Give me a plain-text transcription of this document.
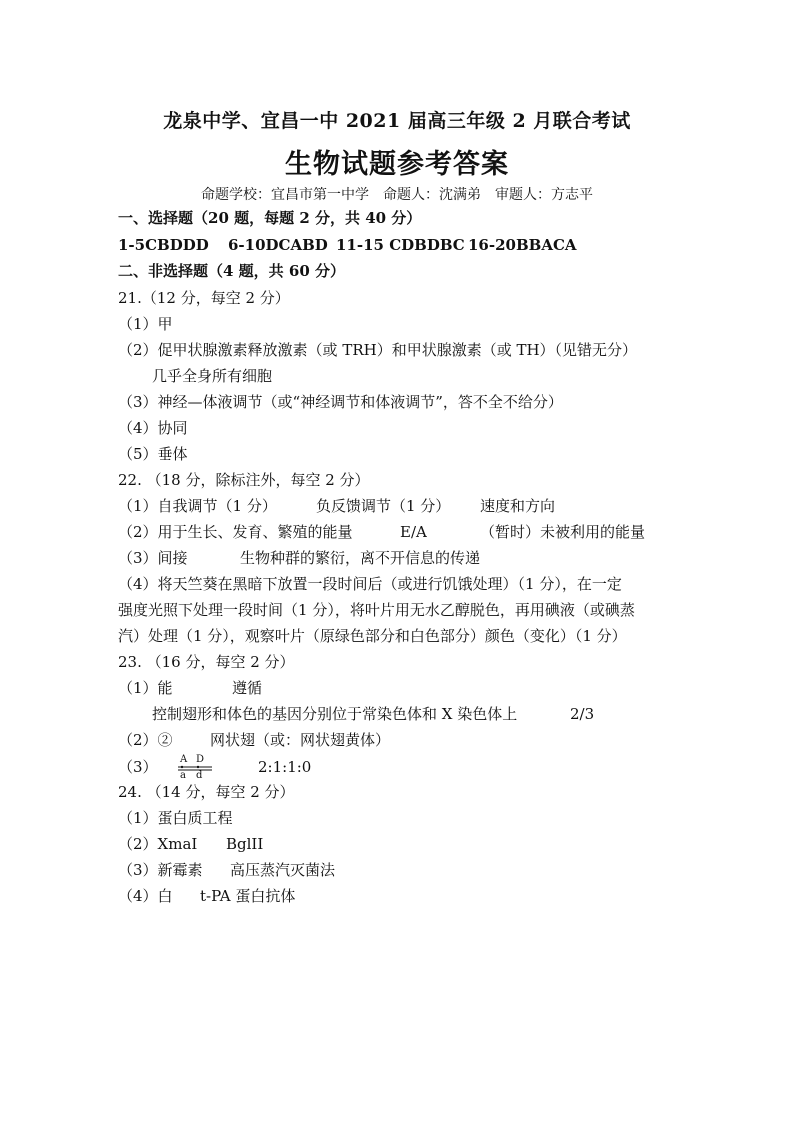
龙泉中学、宜昌一中 2021 届高三年级 2 月联合考试
生物试题参考答案
命题学校：宜昌市第一中学　命题人：沈满弟　审题人：方志平
一、选择题（20 题，每题 2 分，共 40 分）
1-5CBDDD 6-10DCABD 11-15 CDBDBC 16-20BBACA
二、非选择题（4 题，共 60 分）
21.（12 分，每空 2 分）
（1）甲
（2）促甲状腺激素释放激素（或 TRH）和甲状腺激素（或 TH）（见错无分）
几乎全身所有细胞
（3）神经—体液调节（或“神经调节和体液调节”，答不全不给分）
（4）协同
（5）垂体
22. （18 分，除标注外，每空 2 分）
（1）自我调节（1 分）	负反馈调节（1 分） 速度和方向
（2）用于生长、发育、繁殖的能量	E/A	（暂时）未被利用的能量
（3）间接	生物种群的繁衍，离不开信息的传递
（4）将天竺葵在黑暗下放置一段时间后（或进行饥饿处理）（1 分），在一定
强度光照下处理一段时间（1 分），将叶片用无水乙醇脱色，再用碘液（或碘蒸
汽）处理（1 分），观察叶片（原绿色部分和白色部分）颜色（变化）（1 分）
23. （16 分，每空 2 分）
（1）能	遵循
控制翅形和体色的基因分别位于常染色体和 X 染色体上	2/3
（2）② 网状翅（或：网状翅黄体）
（3） A D
a d	2:1:1:0
24. （14 分，每空 2 分）
（1）蛋白质工程
（2）XmaI BglII
（3）新霉素 高压蒸汽灭菌法
（4）白 t-PA 蛋白抗体
